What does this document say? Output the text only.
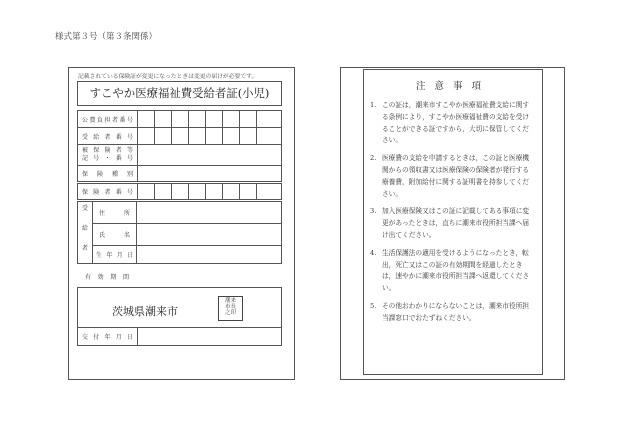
様式第３号（第３条関係）
記載されている保険証が変更になったときは変更の届けが必要です。
すこやか医療福祉費受給者証(小児)
公費負担者番号								
受給者番号								
被保険者等
記号・番号	

保険種別	
保険者番号								
受
給
者	住所	
	氏名	
	生年月日	
有効期間	
茨城県潮来市
潮来
市長
之印
交付年月日	
注意事項
1. この証は，潮来市すこやか医療福祉費支給に関する条例により，すこやか医療福祉費の支給を受けることができる証ですから，大切に保管してください。
2. 医療費の支給を申請するときは，この証と医療機関からの領収書又は医療保険の保険者が発行する療養費，附加給付に関する証明書を持参してください。
3. 加入医療保険又はこの証に記載してある事項に変更があったときは，直ちに潮来市役所担当課へ届け出てください。
4. 生活保護法の適用を受けるようになったとき，転出，死亡又はこの証の有効期間を経過したときは，速やかに潮来市役所担当課へ返還してください。
5. その他おわかりにならないことは，潮来市役所担当課窓口でおたずねください。
